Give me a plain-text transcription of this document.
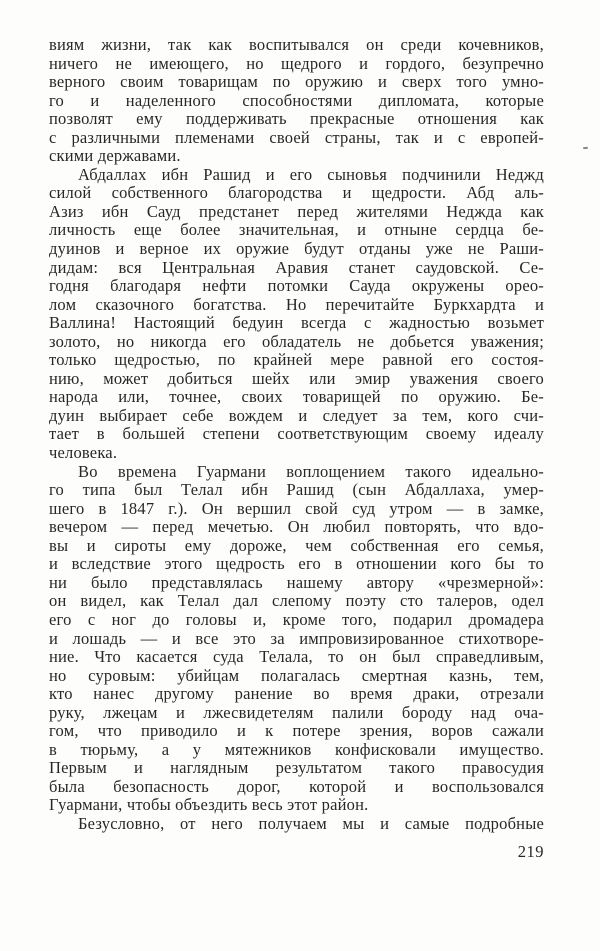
виям жизни, так как воспитывался он среди кочевников,
ничего не имеющего, но щедрого и гордого, безупречно
верного своим товарищам по оружию и сверх того умно-
го и наделенного способностями дипломата, которые
позволят ему поддерживать прекрасные отношения как
с различными племенами своей страны, так и с европей-
скими державами.
Абдаллах ибн Рашид и его сыновья подчинили Неджд
силой собственного благородства и щедрости. Абд аль-
Азиз ибн Сауд предстанет перед жителями Неджда как
личность еще более значительная, и отныне сердца бе-
дуинов и верное их оружие будут отданы уже не Раши-
дидам: вся Центральная Аравия станет саудовской. Се-
годня благодаря нефти потомки Сауда окружены орео-
лом сказочного богатства. Но перечитайте Буркхардта и
Валлина! Настоящий бедуин всегда с жадностью возьмет
золото, но никогда его обладатель не добьется уважения;
только щедростью, по крайней мере равной его состоя-
нию, может добиться шейх или эмир уважения своего
народа или, точнее, своих товарищей по оружию. Бе-
дуин выбирает себе вождем и следует за тем, кого счи-
тает в большей степени соответствующим своему идеалу
человека.
Во времена Гуармани воплощением такого идеально-
го типа был Телал ибн Рашид (сын Абдаллаха, умер-
шего в 1847 г.). Он вершил свой суд утром — в замке,
вечером — перед мечетью. Он любил повторять, что вдо-
вы и сироты ему дороже, чем собственная его семья,
и вследствие этого щедрость его в отношении кого бы то
ни было представлялась нашему автору «чрезмерной»:
он видел, как Телал дал слепому поэту сто талеров, одел
его с ног до головы и, кроме того, подарил дромадера
и лошадь — и все это за импровизированное стихотворе-
ние. Что касается суда Телала, то он был справедливым,
но суровым: убийцам полагалась смертная казнь, тем,
кто нанес другому ранение во время драки, отрезали
руку, лжецам и лжесвидетелям палили бороду над оча-
гом, что приводило и к потере зрения, воров сажали
в тюрьму, а у мятежников конфисковали имущество.
Первым и наглядным результатом такого правосудия
была безопасность дорог, которой и воспользовался
Гуармани, чтобы объездить весь этот район.
Безусловно, от него получаем мы и самые подробные
219
